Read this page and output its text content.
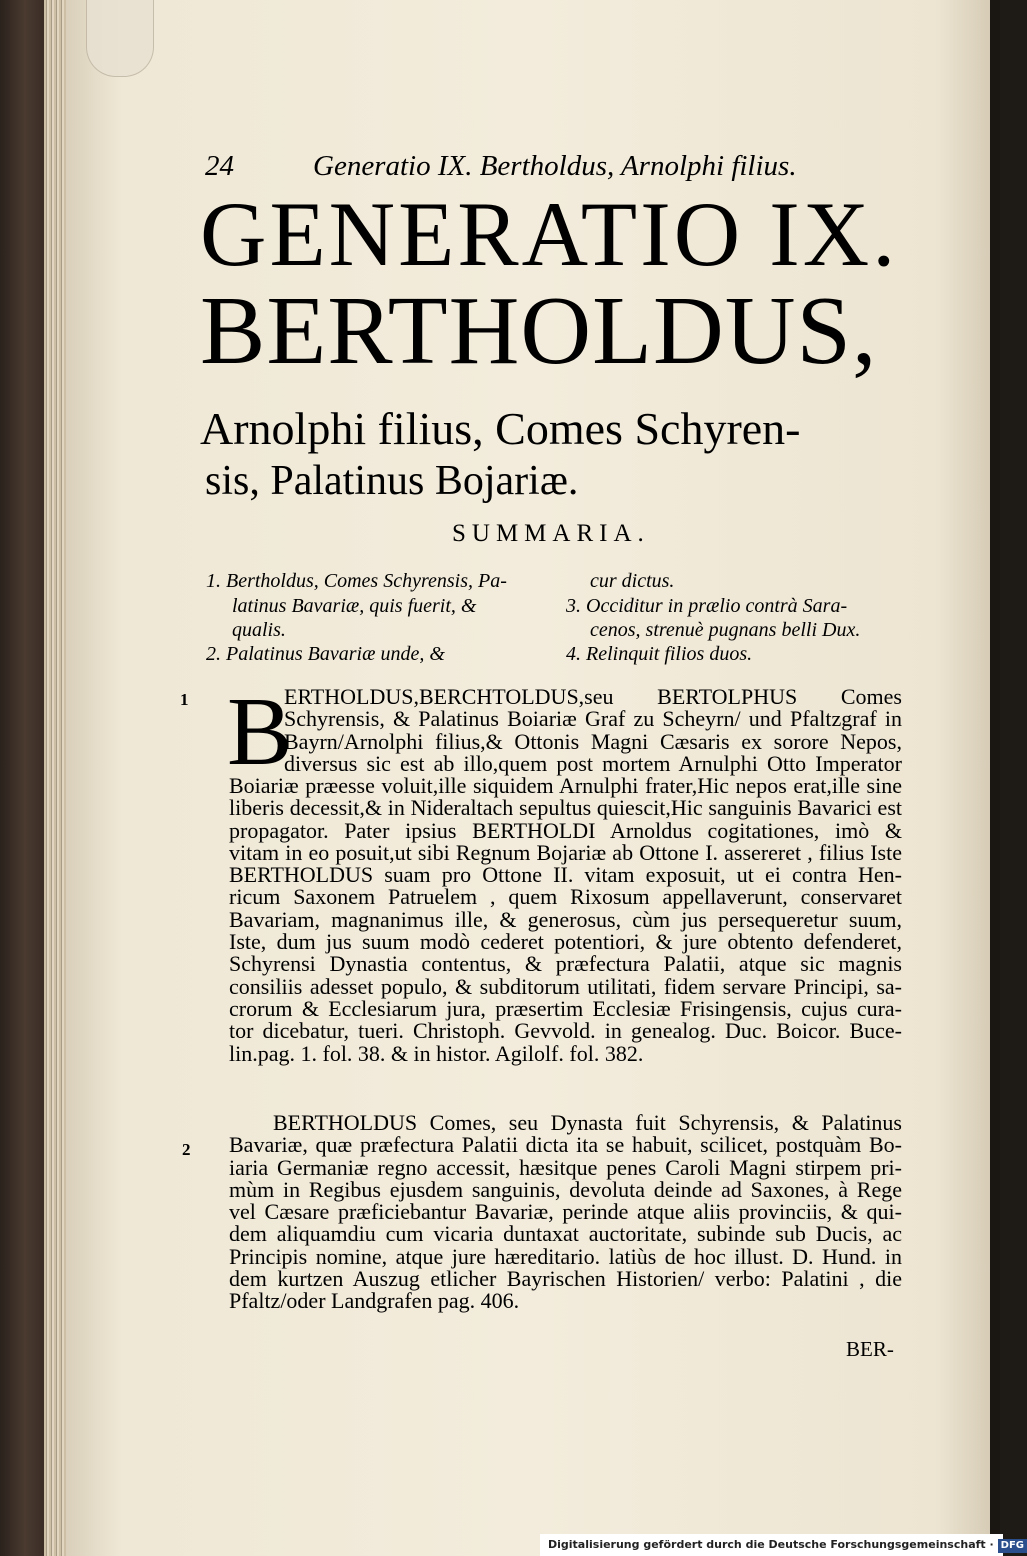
24	Generatio IX. Bertholdus, Arnolphi filius.
GENERATIO IX.
BERTHOLDUS,
Arnolphi filius, Comes Schyren-
sis, Palatinus Bojariæ.
SUMMARIA.
1. Bertholdus, Comes Schyrensis, Pa-
latinus Bavariæ, quis fuerit, &
qualis.
2. Palatinus Bavariæ unde, &
cur dictus.
3. Occiditur in prælio contrà Sara-
cenos, strenuè pugnans belli Dux.
4. Relinquit filios duos.
1 B
ERTHOLDUS,BERCHTOLDUS,seu BERTOLPHUS Comes
Schyrensis, & Palatinus Boiariæ Graf zu Scheyrn/ und Pfaltzgraf in
Bayrn/Arnolphi filius,& Ottonis Magni Cæsaris ex sorore Nepos,
diversus sic est ab illo,quem post mortem Arnulphi Otto Imperator
Boiariæ præesse voluit,ille siquidem Arnulphi frater,Hic nepos erat,ille sine
liberis decessit,& in Nideraltach sepultus quiescit,Hic sanguinis Bavarici est
propagator. Pater ipsius BERTHOLDI Arnoldus cogitationes, imò &
vitam in eo posuit,ut sibi Regnum Bojariæ ab Ottone I. assereret , filius Iste
BERTHOLDUS suam pro Ottone II. vitam exposuit, ut ei contra Hen-
ricum Saxonem Patruelem , quem Rixosum appellaverunt, conservaret
Bavariam, magnanimus ille, & generosus, cùm jus persequeretur suum,
Iste, dum jus suum modò cederet potentiori, & jure obtento defenderet,
Schyrensi Dynastia contentus, & præfectura Palatii, atque sic magnis
consiliis adesset populo, & subditorum utilitati, fidem servare Principi, sa-
crorum & Ecclesiarum jura, præsertim Ecclesiæ Frisingensis, cujus cura-
tor dicebatur, tueri. Christoph. Gevvold. in genealog. Duc. Boicor. Buce-
lin.pag. 1. fol. 38. & in histor. Agilolf. fol. 382.
2
BERTHOLDUS Comes, seu Dynasta fuit Schyrensis, & Palatinus
Bavariæ, quæ præfectura Palatii dicta ita se habuit, scilicet, postquàm Bo-
iaria Germaniæ regno accessit, hæsitque penes Caroli Magni stirpem pri-
mùm in Regibus ejusdem sanguinis, devoluta deinde ad Saxones, à Rege
vel Cæsare præficiebantur Bavariæ, perinde atque aliis provinciis, & qui-
dem aliquamdiu cum vicaria duntaxat auctoritate, subinde sub Ducis, ac
Principis nomine, atque jure hæreditario. latiùs de hoc illust. D. Hund. in
dem kurtzen Auszug etlicher Bayrischen Historien/ verbo: Palatini , die
Pfaltz/oder Landgrafen pag. 406.
BER-
Digitalisierung gefördert durch die Deutsche Forschungsgemeinschaft · DFG
